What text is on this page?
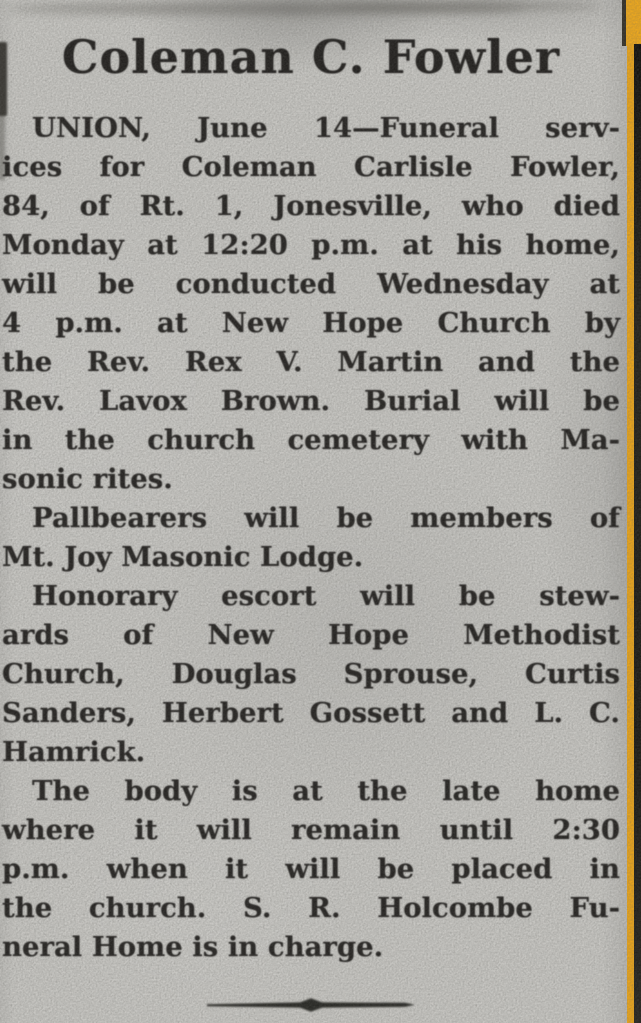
Coleman C. Fowler
UNION, June 14—Funeral serv-
ices for Coleman Carlisle Fowler,
84, of Rt. 1, Jonesville, who died
Monday at 12:20 p.m. at his home,
will be conducted Wednesday at
4 p.m. at New Hope Church by
the Rev. Rex V. Martin and the
Rev. Lavox Brown. Burial will be
in the church cemetery with Ma-
sonic rites.
Pallbearers will be members of
Mt. Joy Masonic Lodge.
Honorary escort will be stew-
ards of New Hope Methodist
Church, Douglas Sprouse, Curtis
Sanders, Herbert Gossett and L. C.
Hamrick.
The body is at the late home
where it will remain until 2:30
p.m. when it will be placed in
the church. S. R. Holcombe Fu-
neral Home is in charge.
